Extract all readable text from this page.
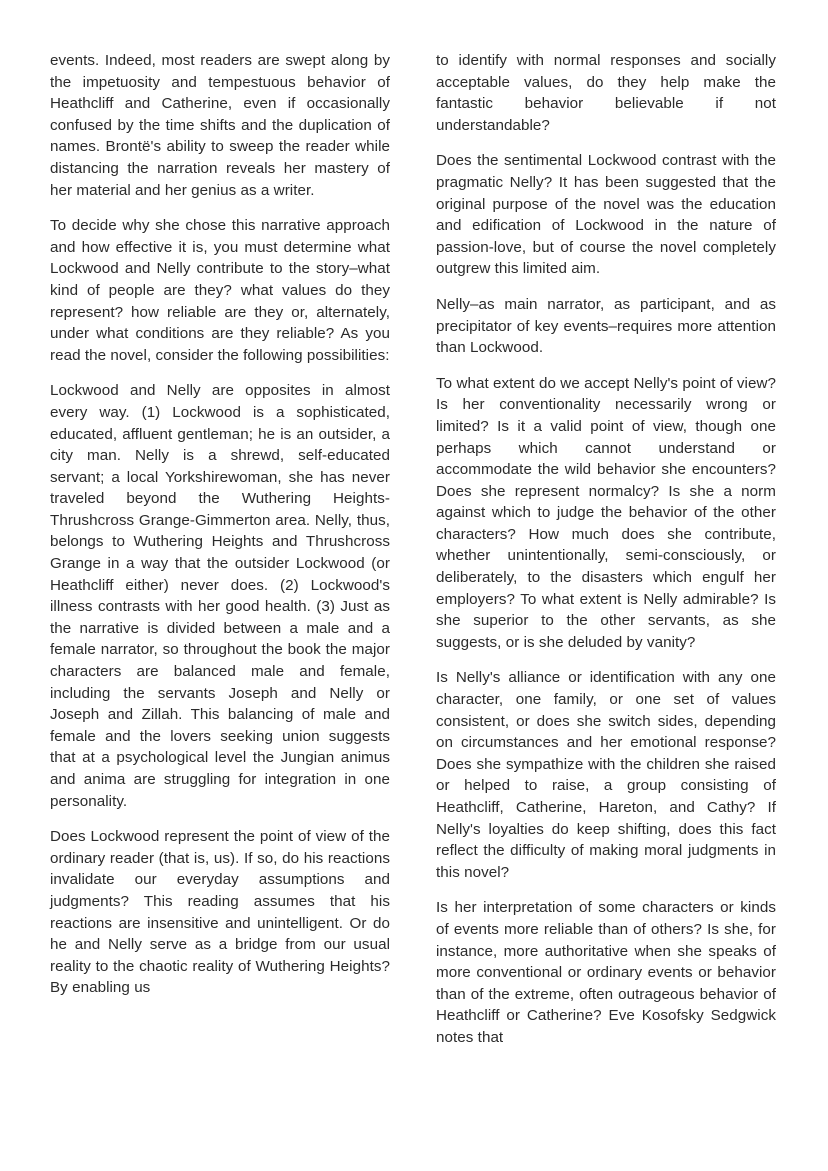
events. Indeed, most readers are swept along by the impetuosity and tempestuous behavior of Heathcliff and Catherine, even if occasionally confused by the time shifts and the duplication of names. Brontë's ability to sweep the reader while distancing the narration reveals her mastery of her material and her genius as a writer.

To decide why she chose this narrative approach and how effective it is, you must determine what Lockwood and Nelly contribute to the story–what kind of people are they? what values do they represent? how reliable are they or, alternately, under what conditions are they reliable? As you read the novel, consider the following possibilities:

Lockwood and Nelly are opposites in almost every way. (1) Lockwood is a sophisticated, educated, affluent gentleman; he is an outsider, a city man. Nelly is a shrewd, self-educated servant; a local Yorkshirewoman, she has never traveled beyond the Wuthering Heights-Thrushcross Grange-Gimmerton area. Nelly, thus, belongs to Wuthering Heights and Thrushcross Grange in a way that the outsider Lockwood (or Heathcliff either) never does. (2) Lockwood's illness contrasts with her good health. (3) Just as the narrative is divided between a male and a female narrator, so throughout the book the major characters are balanced male and female, including the servants Joseph and Nelly or Joseph and Zillah. This balancing of male and female and the lovers seeking union suggests that at a psychological level the Jungian animus and anima are struggling for integration in one personality.

Does Lockwood represent the point of view of the ordinary reader (that is, us). If so, do his reactions invalidate our everyday assumptions and judgments? This reading assumes that his reactions are insensitive and unintelligent. Or do he and Nelly serve as a bridge from our usual reality to the chaotic reality of Wuthering Heights? By enabling us

to identify with normal responses and socially acceptable values, do they help make the fantastic behavior believable if not understandable?

Does the sentimental Lockwood contrast with the pragmatic Nelly? It has been suggested that the original purpose of the novel was the education and edification of Lockwood in the nature of passion-love, but of course the novel completely outgrew this limited aim.

Nelly–as main narrator, as participant, and as precipitator of key events–requires more attention than Lockwood.

To what extent do we accept Nelly's point of view? Is her conventionality necessarily wrong or limited? Is it a valid point of view, though one perhaps which cannot understand or accommodate the wild behavior she encounters? Does she represent normalcy? Is she a norm against which to judge the behavior of the other characters? How much does she contribute, whether unintentionally, semi-consciously, or deliberately, to the disasters which engulf her employers? To what extent is Nelly admirable? Is she superior to the other servants, as she suggests, or is she deluded by vanity?

Is Nelly's alliance or identification with any one character, one family, or one set of values consistent, or does she switch sides, depending on circumstances and her emotional response? Does she sympathize with the children she raised or helped to raise, a group consisting of Heathcliff, Catherine, Hareton, and Cathy? If Nelly's loyalties do keep shifting, does this fact reflect the difficulty of making moral judgments in this novel?

Is her interpretation of some characters or kinds of events more reliable than of others? Is she, for instance, more authoritative when she speaks of more conventional or ordinary events or behavior than of the extreme, often outrageous behavior of Heathcliff or Catherine? Eve Kosofsky Sedgwick notes that
